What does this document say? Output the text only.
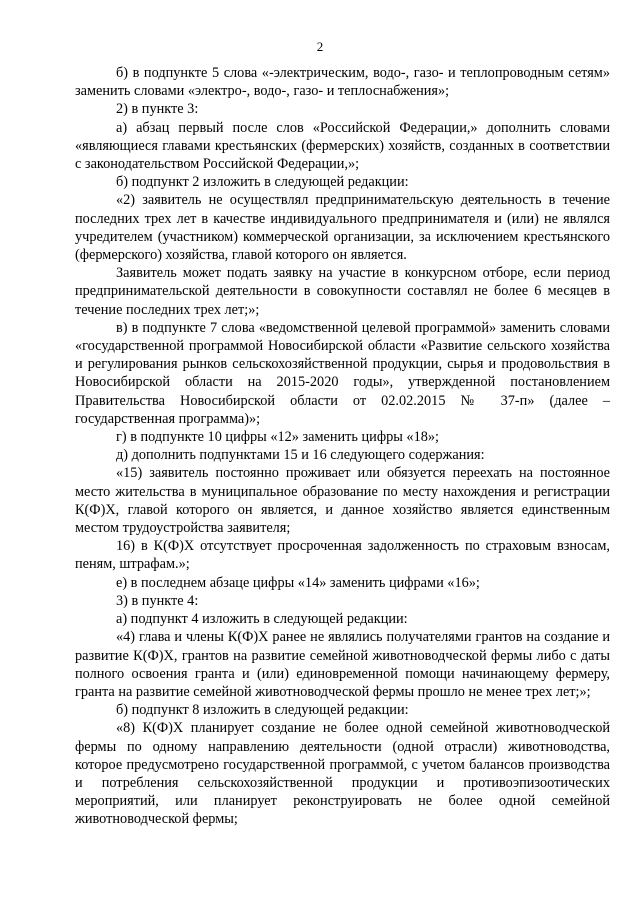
2

б) в подпункте 5 слова «-электрическим, водо-, газо- и теплопроводным сетям» заменить словами «электро-, водо-, газо- и теплоснабжения»;

2) в пункте 3:

а) абзац первый после слов «Российской Федерации,» дополнить словами «являющиеся главами крестьянских (фермерских) хозяйств, созданных в соответствии с законодательством Российской Федерации,»;

б) подпункт 2 изложить в следующей редакции:

«2) заявитель не осуществлял предпринимательскую деятельность в течение последних трех лет в качестве индивидуального предпринимателя и (или) не являлся учредителем (участником) коммерческой организации, за исключением крестьянского (фермерского) хозяйства, главой которого он является.

Заявитель может подать заявку на участие в конкурсном отборе, если период предпринимательской деятельности в совокупности составлял не более 6 месяцев в течение последних трех лет;»;

в) в подпункте 7 слова «ведомственной целевой программой» заменить словами «государственной программой Новосибирской области «Развитие сельского хозяйства и регулирования рынков сельскохозяйственной продукции, сырья и продовольствия в Новосибирской области на 2015-2020 годы», утвержденной постановлением Правительства Новосибирской области от 02.02.2015 № 37-п» (далее – государственная программа)»;

г) в подпункте 10 цифры «12» заменить цифры «18»;

д) дополнить подпунктами 15 и 16 следующего содержания:

«15) заявитель постоянно проживает или обязуется переехать на постоянное место жительства в муниципальное образование по месту нахождения и регистрации К(Ф)Х, главой которого он является, и данное хозяйство является единственным местом трудоустройства заявителя;

16) в К(Ф)Х отсутствует просроченная задолженность по страховым взносам, пеням, штрафам.»;

е) в последнем абзаце цифры «14» заменить цифрами «16»;

3) в пункте 4:

а) подпункт 4 изложить в следующей редакции:

«4) глава и члены К(Ф)Х ранее не являлись получателями грантов на создание и развитие К(Ф)Х, грантов на развитие семейной животноводческой фермы либо с даты полного освоения гранта и (или) единовременной помощи начинающему фермеру, гранта на развитие семейной животноводческой фермы прошло не менее трех лет;»;

б) подпункт 8 изложить в следующей редакции:

«8) К(Ф)Х планирует создание не более одной семейной животноводческой фермы по одному направлению деятельности (одной отрасли) животноводства, которое предусмотрено государственной программой, с учетом балансов производства и потребления сельскохозяйственной продукции и противоэпизоотических мероприятий, или планирует реконструировать не более одной семейной животноводческой фермы;
